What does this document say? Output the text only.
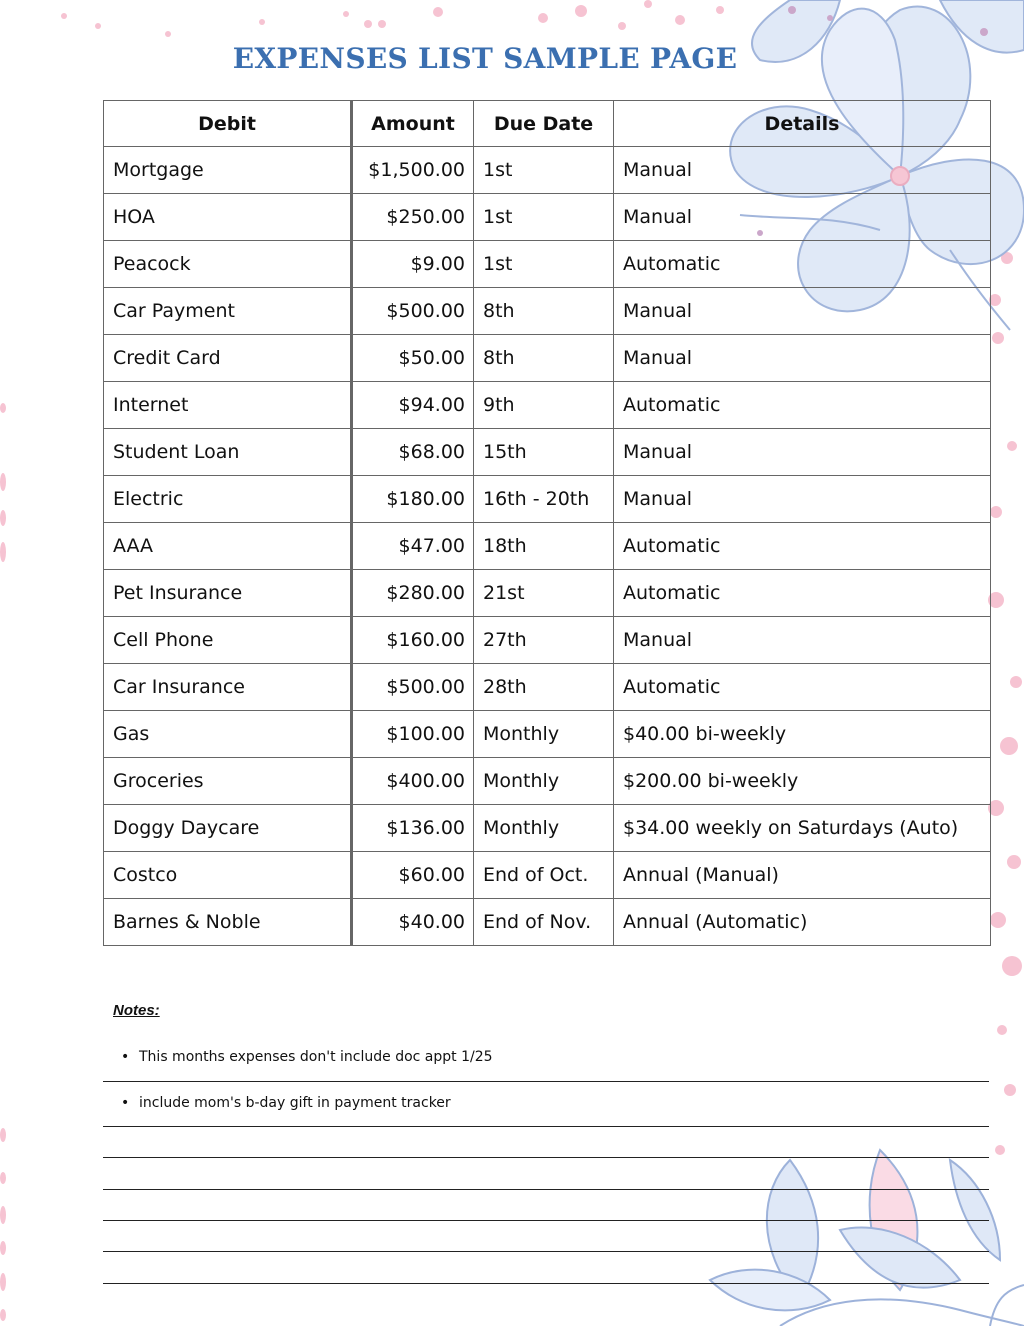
EXPENSES LIST SAMPLE PAGE
Debit	Amount	Due Date	Details
Mortgage	$1,500.00	1st	Manual
HOA	$250.00	1st	Manual
Peacock	$9.00	1st	Automatic
Car Payment	$500.00	8th	Manual
Credit Card	$50.00	8th	Manual
Internet	$94.00	9th	Automatic
Student Loan	$68.00	15th	Manual
Electric	$180.00	16th - 20th	Manual
AAA	$47.00	18th	Automatic
Pet Insurance	$280.00	21st	Automatic
Cell Phone	$160.00	27th	Manual
Car Insurance	$500.00	28th	Automatic
Gas	$100.00	Monthly	$40.00 bi-weekly
Groceries	$400.00	Monthly	$200.00 bi-weekly
Doggy Daycare	$136.00	Monthly	$34.00 weekly on Saturdays (Auto)
Costco	$60.00	End of Oct.	Annual (Manual)
Barnes & Noble	$40.00	End of Nov.	Annual (Automatic)
Notes:
• This months expenses don't include doc appt 1/25
• include mom's b-day gift in payment tracker
